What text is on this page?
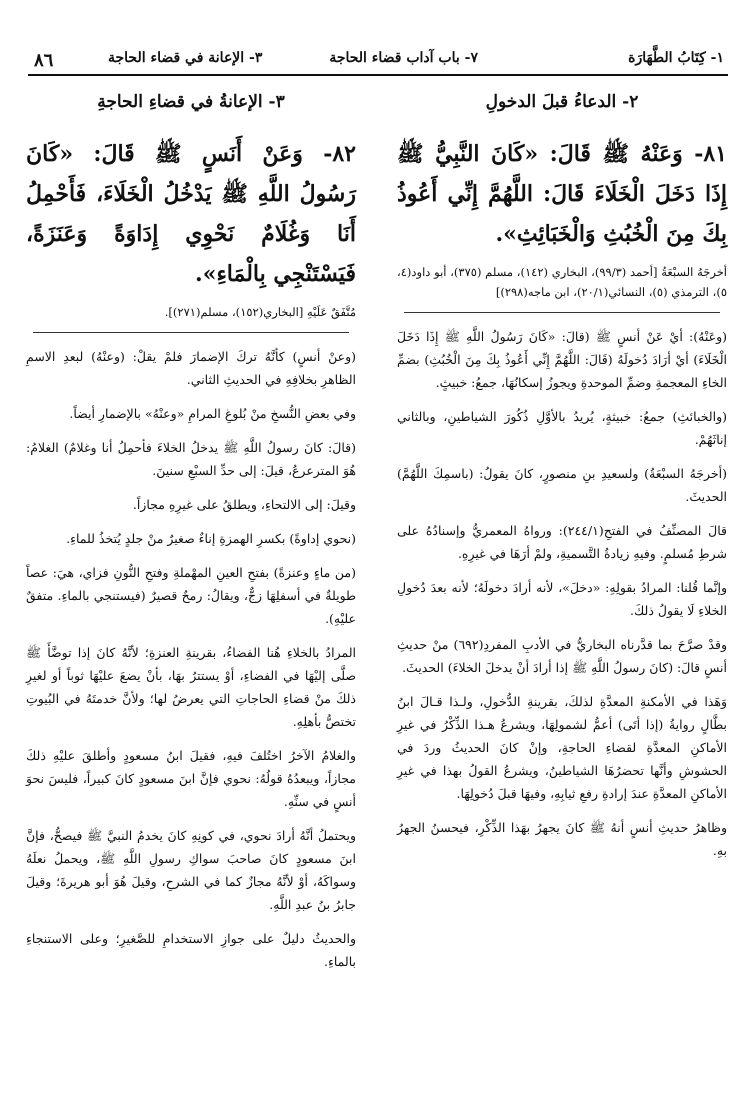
١- كِتَابُ الطَّهَارَة
٧- باب آداب قضاء الحاجة
٣- الإعانة في قضاء الحاجة
٨٦
٢- الدعاءُ قبلَ الدخولِ

٨١- وَعَنْهُ ﷺ قَالَ: «كَانَ النَّبِيُّ ﷺ إِذَا دَخَلَ الْخَلَاءَ قَالَ: اللَّهُمَّ إِنِّي أَعُوذُ بِكَ مِنَ الْخُبُثِ وَالْخَبَائِثِ».

أخرجَهُ السبْعَةُ [أحمد (٩٩/٣)، البخاري (١٤٢)، مسلم (٣٧٥)، أبو داود(٤، ٥)، الترمذي (٥)، النسائي(٢٠/١)، ابن ماجه(٢٩٨)]

(وعَنْهُ): أيْ عَنْ أنسٍ ﷺ (قالَ: «كَانَ رَسُولُ اللَّهِ ﷺ إِذَا دَخَلَ الْخَلَاءَ) أيْ أرَادَ دُخولَهُ (قَالَ: اللَّهُمَّ إِنِّي أَعُوذُ بِكَ مِنَ الْخُبُثِ) بضمِّ الخاءِ المعجمةِ وضمِّ الموحدةِ ويجوزُ إسكانُهَا، جمعُ: خبيثٍ.

(والخبائثِ) جمعُ: خبيثةٍ، يُريدُ بالأوَّلِ ذُكُورَ الشياطينِ، وبالثاني إناثَهُمْ.

(أخرجَهُ السبْعَةُ) ولسعيدِ بنِ منصورٍ، كانَ يقولُ: (باسمِكَ اللَّهُمَّ) الحديثَ.

قالَ المصنِّفُ في الفتحِ(٢٤٤/١): ورواهُ المعمريُّ وإسنادُهُ على شرطِ مُسلمٍ. وفيهِ زيادةُ التَّسميةِ، ولمْ أرَهَا في غيرِهِ.

وإنَّما قُلنا: المرادُ بقولِهِ: «دخلَ»، لأنه أرادَ دخولَهُ؛ لأنه بعدَ دُخولِ الخلاءِ لَا يقولُ ذلكَ.

وقدْ صرَّحَ بما قدَّرناه البخاريُّ في الأدبِ المفردِ(٦٩٢) منْ حديثِ أنسٍ قالَ: (كانَ رسولُ اللَّهِ ﷺ إذا أرادَ أنْ يدخلَ الخلاءَ) الحديثَ.

وَهَذا في الأمكنةِ المعدَّةِ لذلكَ، بقرينةِ الدُّخولِ، ولـذا قـالَ ابنُ بطَّالٍ روايةُ (إذا أتَى) أعمُّ لشمولِهَا، ويشرعُ هـذا الذِّكْرُ في غيرِ الأماكنِ المعدَّةِ لقضاءِ الحاجةِ، وإنْ كانَ الحديثُ وردَ في الحشوشِ وأنَّها تحضرُهَا الشياطينُ، ويشرعُ القولُ بهذا في غيرِ الأماكنِ المعدَّةِ عندَ إرادةِ رفعِ ثيابِهِ، وفيهَا قبلَ دُخولِهَا.

وظاهرُ حديثِ أنسٍ أنهُ ﷺ كانَ يجهرُ بهَذا الذِّكْرِ، فيحسنُ الجهرُ بهِ.

٣- الإعانةُ في قضاءِ الحاجةِ

٨٢- وَعَنْ أَنَسٍ ﷺ قَالَ: «كَانَ رَسُولُ اللَّهِ ﷺ يَدْخُلُ الْخَلَاءَ، فَأَحْمِلُ أَنَا وَغُلَامٌ نَحْوِي إِدَاوَةً وَعَنَزَةً، فَيَسْتَنْجِي بِالْمَاءِ».

مُتَّفَقٌ عَلَيْهِ [البخاري(١٥٢)، مسلم(٢٧١)].

(وعنْ أنسٍ) كأنَّهُ تركَ الإضمارَ فلمْ يقلْ: (وعنْهُ) لبعدِ الاسمِ الظاهرِ بخلافِهِ في الحديثِ الثاني.

وفي بعضِ النُّسخِ منْ بُلوغِ المرامِ «وعنْهُ» بالإضمارِ أيضاً.

(قالَ: كانَ رسولُ اللَّهِ ﷺ يدخلُ الخلاءَ فأحمِلُ أنا وغلامٌ) الغلامُ: هُوَ المترعرعُ، قيلَ: إلى حدِّ السبْعِ سنينَ.

وقيلَ: إلى الالتحاءِ، ويطلقُ على غيرِهِ مجازاً.

(نحوي إداوةً) بكسرِ الهمزةِ إناءٌ صغيرٌ منْ جلدٍ يُتخذُ للماءِ.

(من ماءٍ وعنزةً) بفتحِ العينِ المهْملةِ وفتحِ النُّونِ فزاي، هيَ: عصاً طويلةٌ في أسفلِهَا زجٌّ، ويقالُ: رمحٌ قصيرٌ (فيستنجي بالماءِ. متفقٌ عليْهِ).

المرادُ بالخلاءِ هُنا الفضاءُ، بقرينةِ العنزةِ؛ لأنَّهُ كانَ إذا توضَّأَ ﷺ صلَّى إليْهَا في الفضاءِ، أوْ يستترُ بهَا، بأنْ يضعَ عليْهَا ثوباً أو لغيرِ ذلكَ منْ قضاءِ الحاجاتِ التي يعرضُ لها؛ ولأنَّ خدمتَهُ في البُيوتِ تختصُّ بأهلِهِ.

والغلامُ الآخرُ اختُلفَ فيهِ، فقيلَ ابنُ مسعودٍ وأطلقَ عليْهِ ذلكَ مجازاً، ويبعدُهُ قولُهُ: نحوي فإنَّ ابنَ مسعودٍ كانَ كبيراً، فليسَ نحوَ أنسٍ في سنِّهِ.

ويحتملُ أنَّهُ أرادَ نحوي، في كونِهِ كانَ يخدمُ النبيَّ ﷺ فيصحُّ، فإنَّ ابنَ مسعودٍ كانَ صاحبَ سواكِ رسولِ اللَّهِ ﷺ، ويحملُ نعلَهُ وسواكَهُ، أوْ لأنَّهُ مجازٌ كما في الشرحِ، وقيلَ هُوَ أبو هريرةَ؛ وقيلَ جابرُ بنُ عبدِ اللَّهِ.

والحديثُ دليلٌ على جوازِ الاستخدامِ للصَّغيرِ؛ وعلى الاستنجاءِ بالماءِ.
